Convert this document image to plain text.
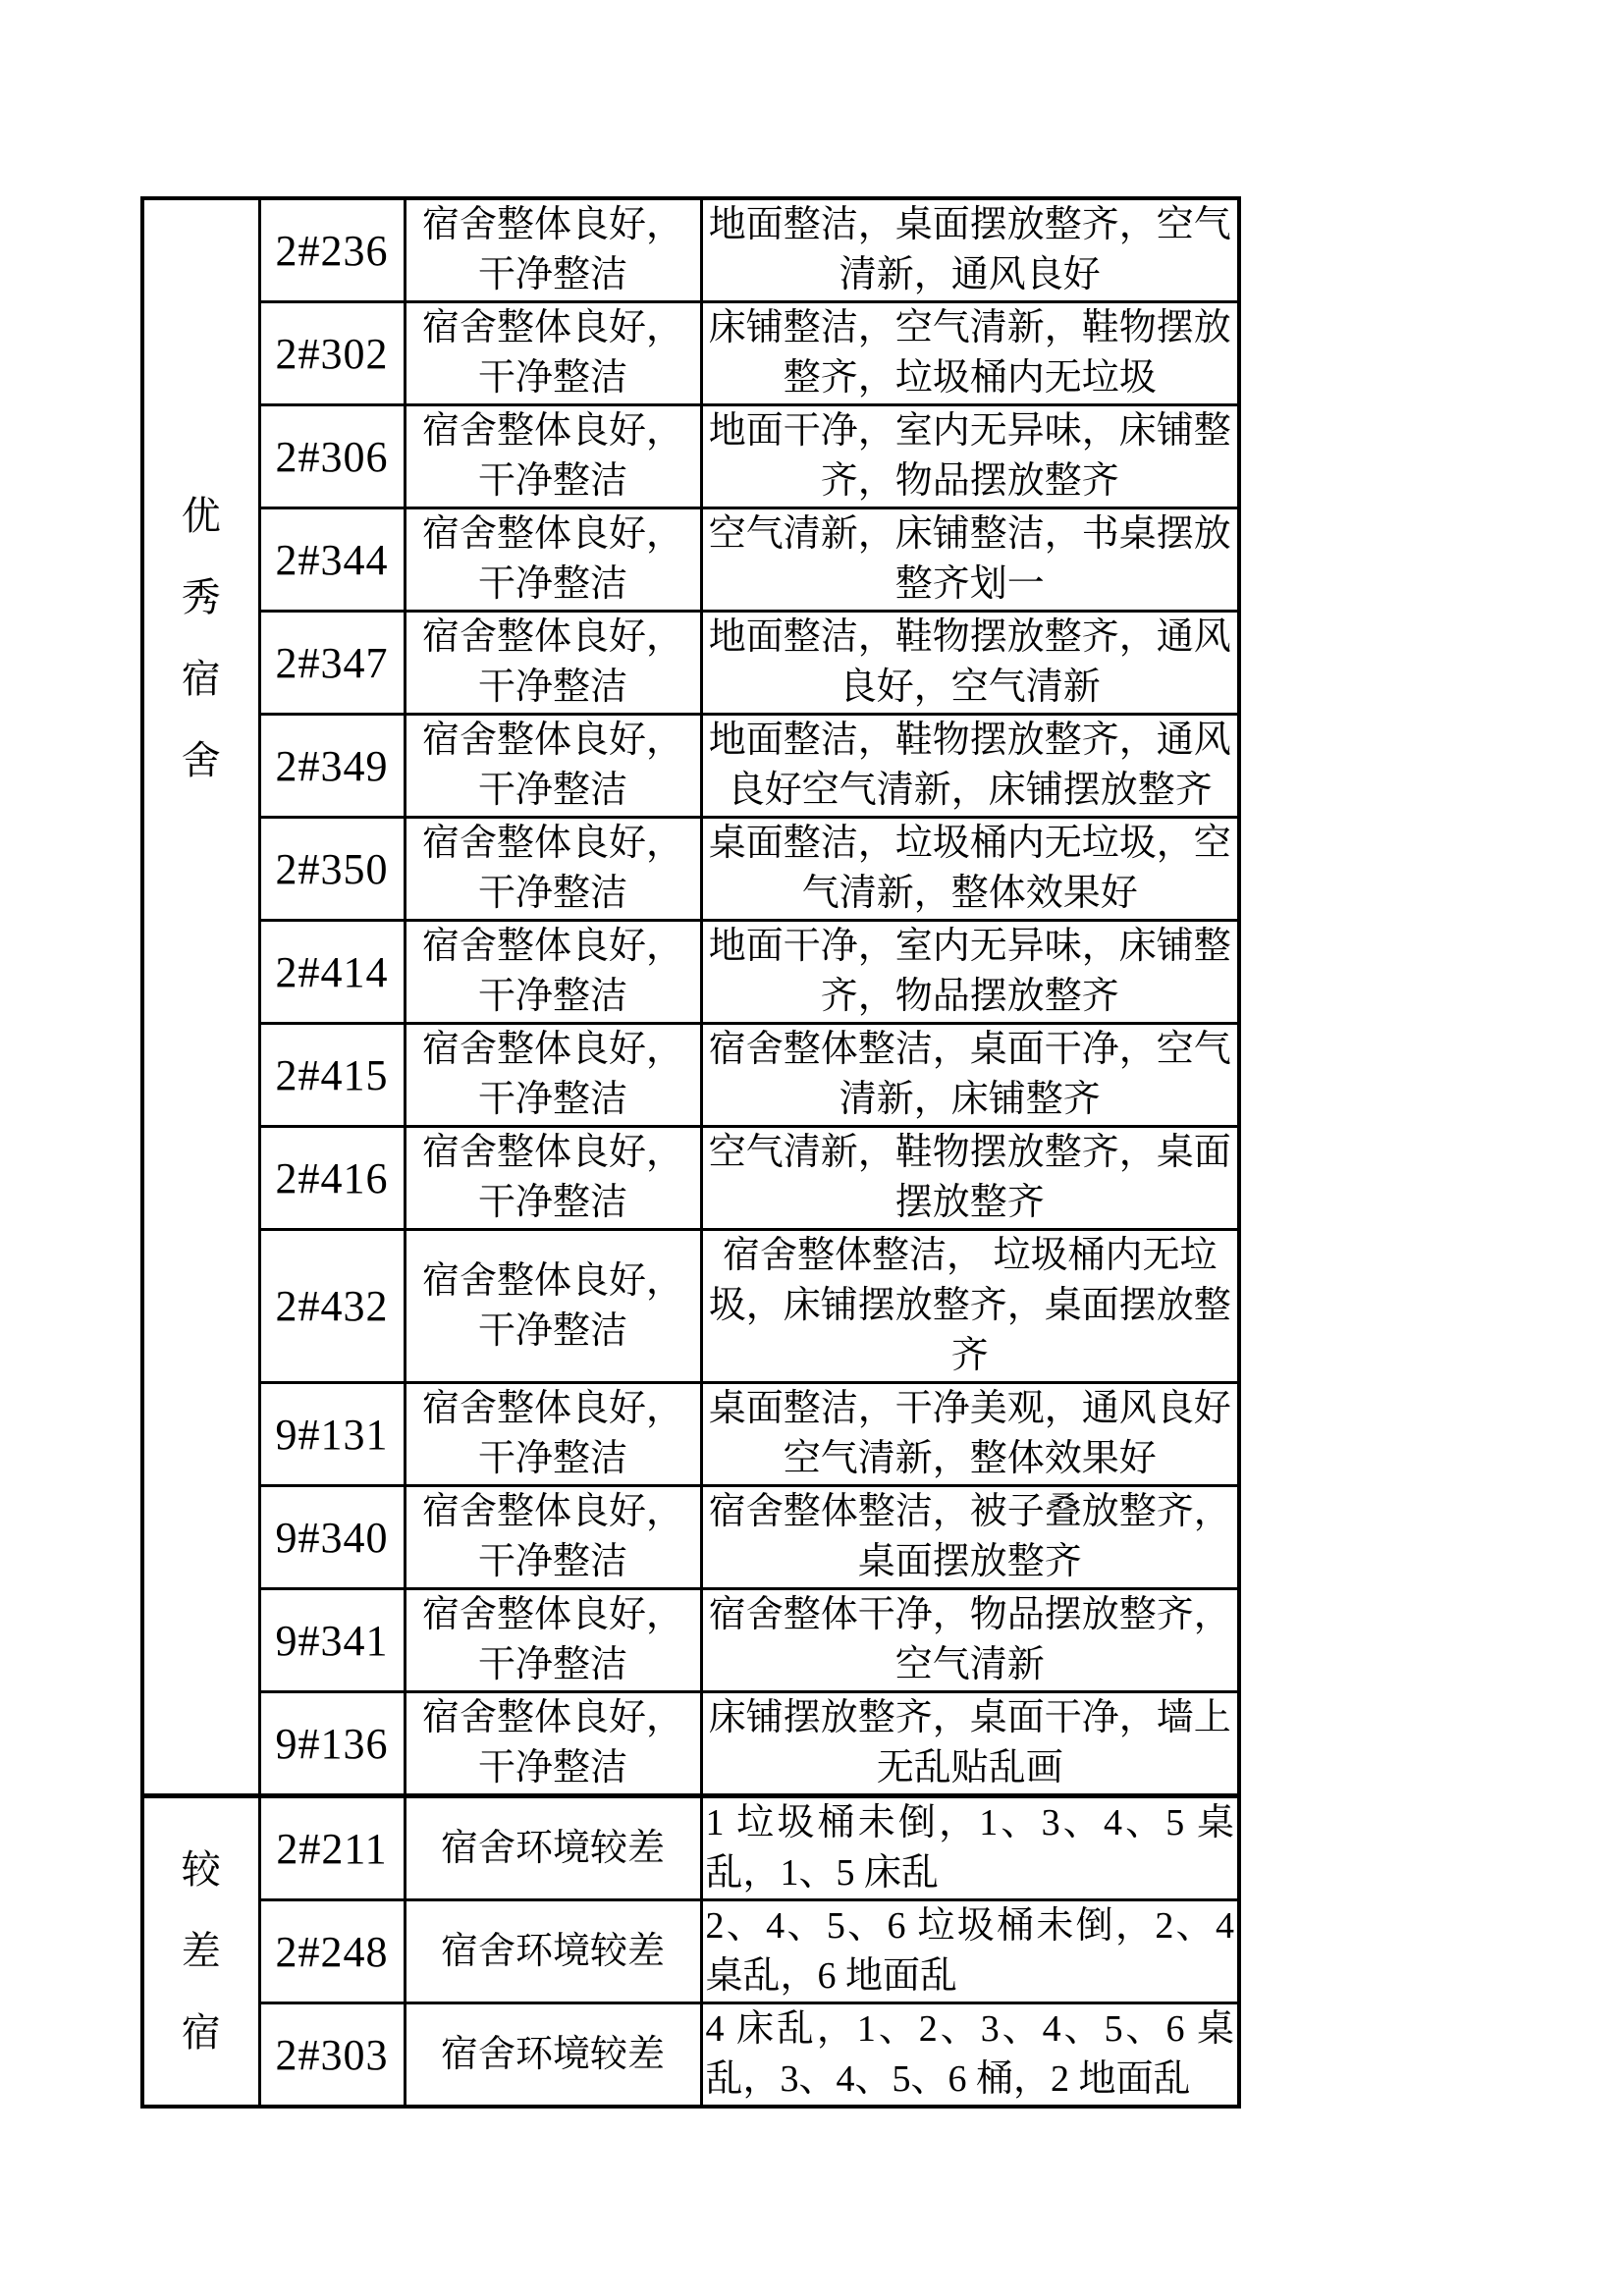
优
秀
宿
舍	2#236	宿舍整体良好，干净整洁	地面整洁，桌面摆放整齐，空气清新，通风良好
	2#302	宿舍整体良好，干净整洁	床铺整洁，空气清新，鞋物摆放整齐，垃圾桶内无垃圾
	2#306	宿舍整体良好，干净整洁	地面干净，室内无异味，床铺整齐，物品摆放整齐
	2#344	宿舍整体良好，干净整洁	空气清新，床铺整洁，书桌摆放整齐划一
	2#347	宿舍整体良好，干净整洁	地面整洁，鞋物摆放整齐，通风良好，空气清新
	2#349	宿舍整体良好，干净整洁	地面整洁，鞋物摆放整齐，通风良好空气清新，床铺摆放整齐
	2#350	宿舍整体良好，干净整洁	桌面整洁，垃圾桶内无垃圾，空气清新，整体效果好
	2#414	宿舍整体良好，干净整洁	地面干净，室内无异味，床铺整齐，物品摆放整齐
	2#415	宿舍整体良好，干净整洁	宿舍整体整洁，桌面干净，空气清新，床铺整齐
	2#416	宿舍整体良好，干净整洁	空气清新，鞋物摆放整齐，桌面摆放整齐
	2#432	宿舍整体良好，干净整洁	宿舍整体整洁， 垃圾桶内无垃圾，床铺摆放整齐，桌面摆放整齐
	9#131	宿舍整体良好，干净整洁	桌面整洁，干净美观，通风良好空气清新，整体效果好
	9#340	宿舍整体良好，干净整洁	宿舍整体整洁，被子叠放整齐，桌面摆放整齐
	9#341	宿舍整体良好，干净整洁	宿舍整体干净，物品摆放整齐，空气清新
	9#136	宿舍整体良好，干净整洁	床铺摆放整齐，桌面干净，墙上无乱贴乱画

较
差
宿	2#211	宿舍环境较差	1 垃圾桶未倒，1、3、4、5 桌乱，1、5 床乱
	2#248	宿舍环境较差	2、4、5、6 垃圾桶未倒，2、4 桌乱，6 地面乱
	2#303	宿舍环境较差	4 床乱，1、2、3、4、5、6 桌乱，3、4、5、6 桶，2 地面乱
